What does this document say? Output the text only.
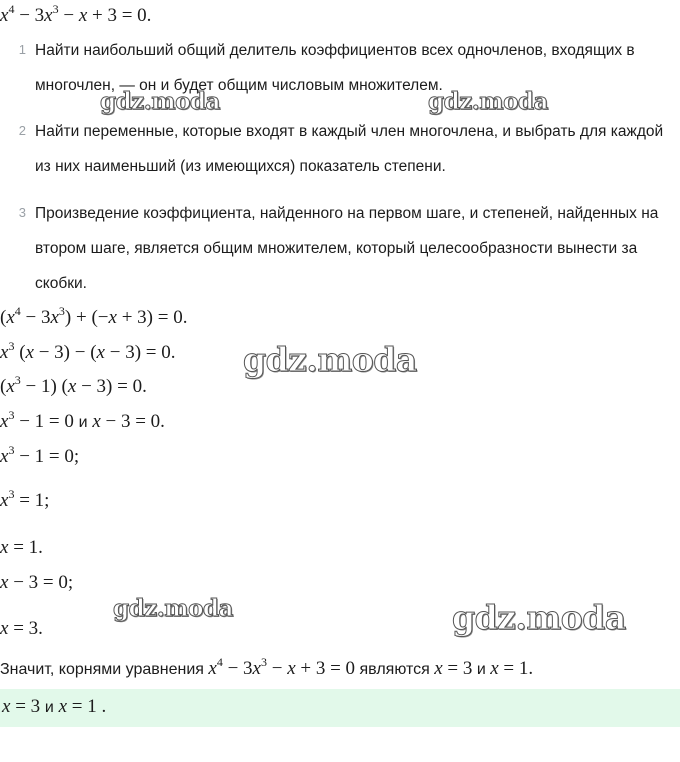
$x^4 - 3x^3 - x + 3 = 0$.
1 Найти наибольший общий делитель коэффициентов всех одночленов, входящих в многочлен, — он и будет общим числовым множителем.
2 Найти переменные, которые входят в каждый член многочлена, и выбрать для каждой из них наименьший (из имеющихся) показатель степени.
3 Произведение коэффициента, найденного на первом шаге, и степеней, найденных на втором шаге, является общим множителем, который целесообразности вынести за скобки.
$(x^4 - 3x^3) + (-x + 3) = 0$.
$x^3$ (x − 3) − (x − 3) = 0.
$(x^3 - 1) (x - 3) = 0$.
$x^3 - 1 = 0$ и x − 3 = 0.
$x^3 - 1 = 0$;
$x^3 = 1$;
x = 1.
x − 3 = 0;
x = 3.
Значит, корнями уравнения $x^4 - 3x^3 - x + 3 = 0$ являются x = 3 и x = 1.
x = 3 и x = 1 .
gdz.moda	gdz.moda
gdz.moda
gdz.moda	gdz.moda
